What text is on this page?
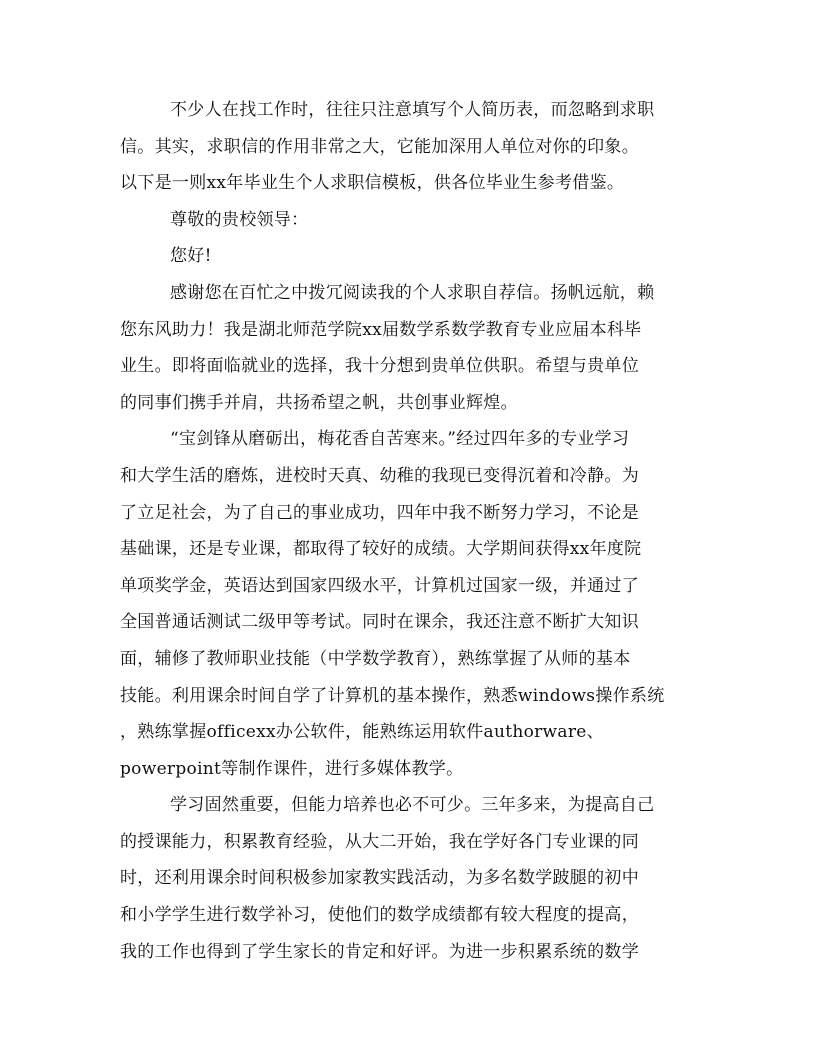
不少人在找工作时，往往只注意填写个人简历表，而忽略到求职
信。其实，求职信的作用非常之大，它能加深用人单位对你的印象。
以下是一则xx年毕业生个人求职信模板，供各位毕业生参考借鉴。
尊敬的贵校领导：
您好!
感谢您在百忙之中拨冗阅读我的个人求职自荐信。扬帆远航，赖
您东风助力！我是湖北师范学院xx届数学系数学教育专业应届本科毕
业生。即将面临就业的选择，我十分想到贵单位供职。希望与贵单位
的同事们携手并肩，共扬希望之帆，共创事业辉煌。
“宝剑锋从磨砺出，梅花香自苦寒来。”经过四年多的专业学习
和大学生活的磨炼，进校时天真、幼稚的我现已变得沉着和冷静。为
了立足社会，为了自己的事业成功，四年中我不断努力学习，不论是
基础课，还是专业课，都取得了较好的成绩。大学期间获得xx年度院
单项奖学金，英语达到国家四级水平，计算机过国家一级，并通过了
全国普通话测试二级甲等考试。同时在课余，我还注意不断扩大知识
面，辅修了教师职业技能（中学数学教育），熟练掌握了从师的基本
技能。利用课余时间自学了计算机的基本操作，熟悉windows操作系统
，熟练掌握officexx办公软件，能熟练运用软件authorware、
powerpoint等制作课件，进行多媒体教学。
学习固然重要，但能力培养也必不可少。三年多来，为提高自己
的授课能力，积累教育经验，从大二开始，我在学好各门专业课的同
时，还利用课余时间积极参加家教实践活动，为多名数学跛腿的初中
和小学学生进行数学补习，使他们的数学成绩都有较大程度的提高，
我的工作也得到了学生家长的肯定和好评。为进一步积累系统的数学
